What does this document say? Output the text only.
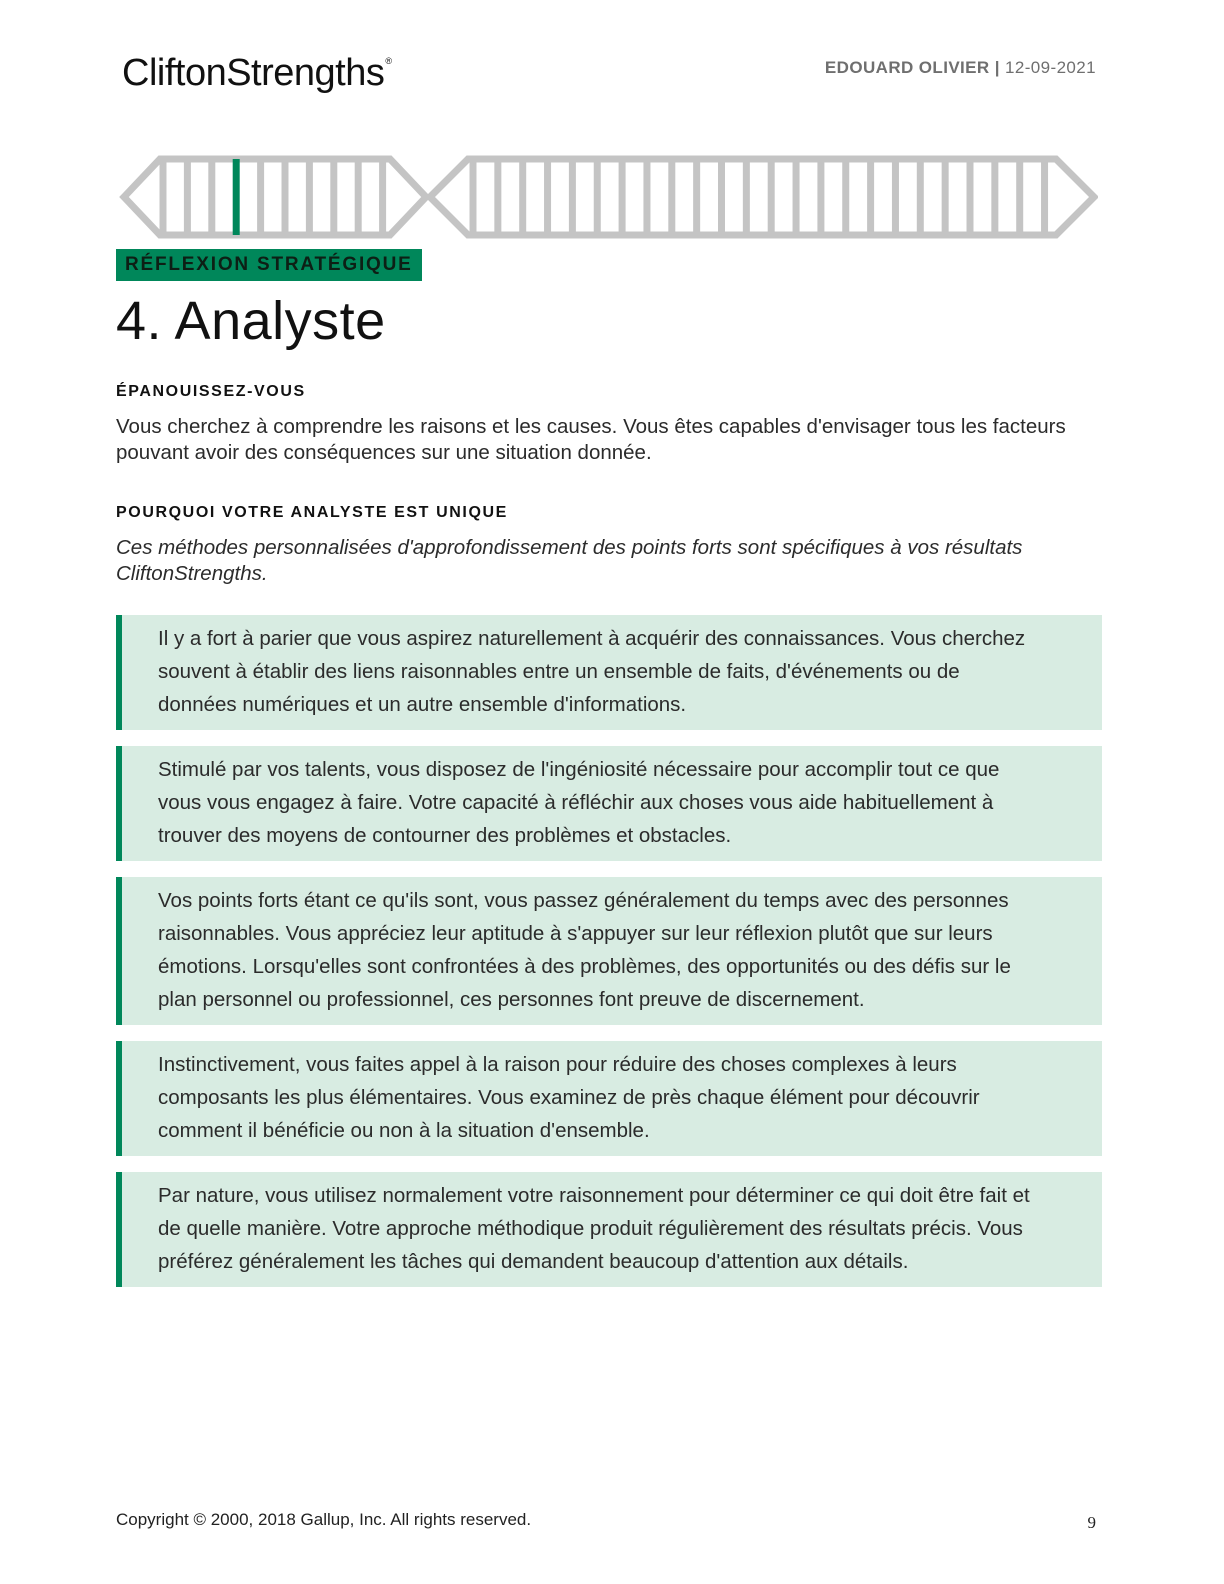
CliftonStrengths®	EDOUARD OLIVIER | 12-09-2021
RÉFLEXION STRATÉGIQUE
4. Analyste
ÉPANOUISSEZ-VOUS

Vous cherchez à comprendre les raisons et les causes. Vous êtes capables d'envisager tous les facteurs pouvant avoir des conséquences sur une situation donnée.

POURQUOI VOTRE ANALYSTE EST UNIQUE

Ces méthodes personnalisées d'approfondissement des points forts sont spécifiques à vos résultats CliftonStrengths.

Il y a fort à parier que vous aspirez naturellement à acquérir des connaissances. Vous cherchez souvent à établir des liens raisonnables entre un ensemble de faits, d'événements ou de données numériques et un autre ensemble d'informations.
Stimulé par vos talents, vous disposez de l'ingéniosité nécessaire pour accomplir tout ce que vous vous engagez à faire. Votre capacité à réfléchir aux choses vous aide habituellement à trouver des moyens de contourner des problèmes et obstacles.
Vos points forts étant ce qu'ils sont, vous passez généralement du temps avec des personnes raisonnables. Vous appréciez leur aptitude à s'appuyer sur leur réflexion plutôt que sur leurs émotions. Lorsqu'elles sont confrontées à des problèmes, des opportunités ou des défis sur le plan personnel ou professionnel, ces personnes font preuve de discernement.
Instinctivement, vous faites appel à la raison pour réduire des choses complexes à leurs composants les plus élémentaires. Vous examinez de près chaque élément pour découvrir comment il bénéficie ou non à la situation d'ensemble.
Par nature, vous utilisez normalement votre raisonnement pour déterminer ce qui doit être fait et de quelle manière. Votre approche méthodique produit régulièrement des résultats précis. Vous préférez généralement les tâches qui demandent beaucoup d'attention aux détails.
Copyright © 2000, 2018 Gallup, Inc. All rights reserved.	9
